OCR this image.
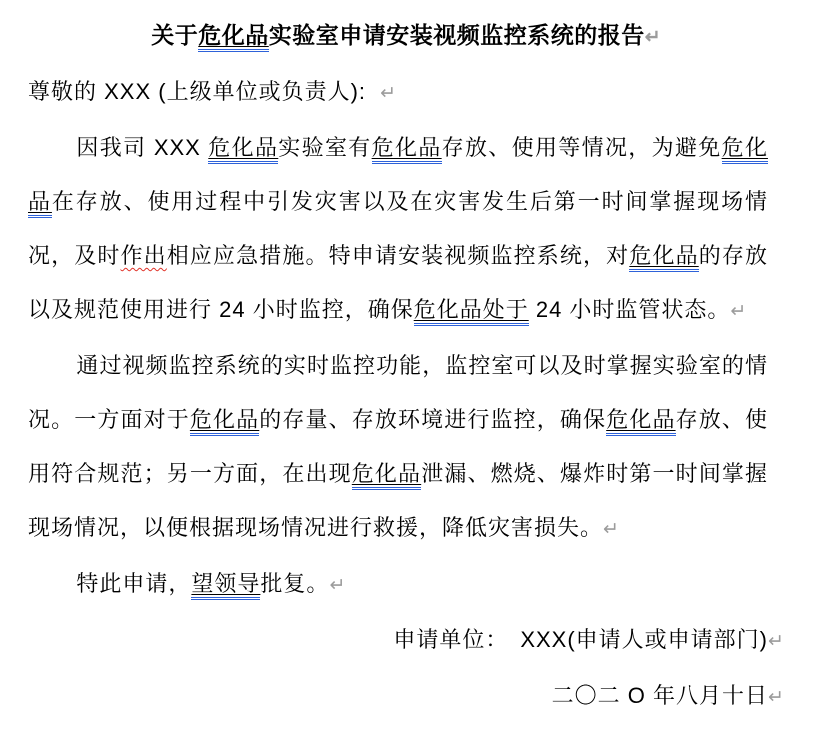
关于危化品实验室申请安装视频监控系统的报告↵

尊敬的 XXX (上级单位或负责人): ↵

因我司 XXX 危化品实验室有危化品存放、使用等情况，为避免危化品在存放、使用过程中引发灾害以及在灾害发生后第一时间掌握现场情况，及时作出相应应急措施。特申请安装视频监控系统，对危化品的存放以及规范使用进行 24 小时监控，确保危化品处于 24 小时监管状态。↵

通过视频监控系统的实时监控功能，监控室可以及时掌握实验室的情况。一方面对于危化品的存量、存放环境进行监控，确保危化品存放、使用符合规范；另一方面，在出现危化品泄漏、燃烧、爆炸时第一时间掌握现场情况，以便根据现场情况进行救援，降低灾害损失。↵

特此申请，望领导批复。↵

申请单位：　XXX(申请人或申请部门)↵

二〇二 O 年八月十日↵
